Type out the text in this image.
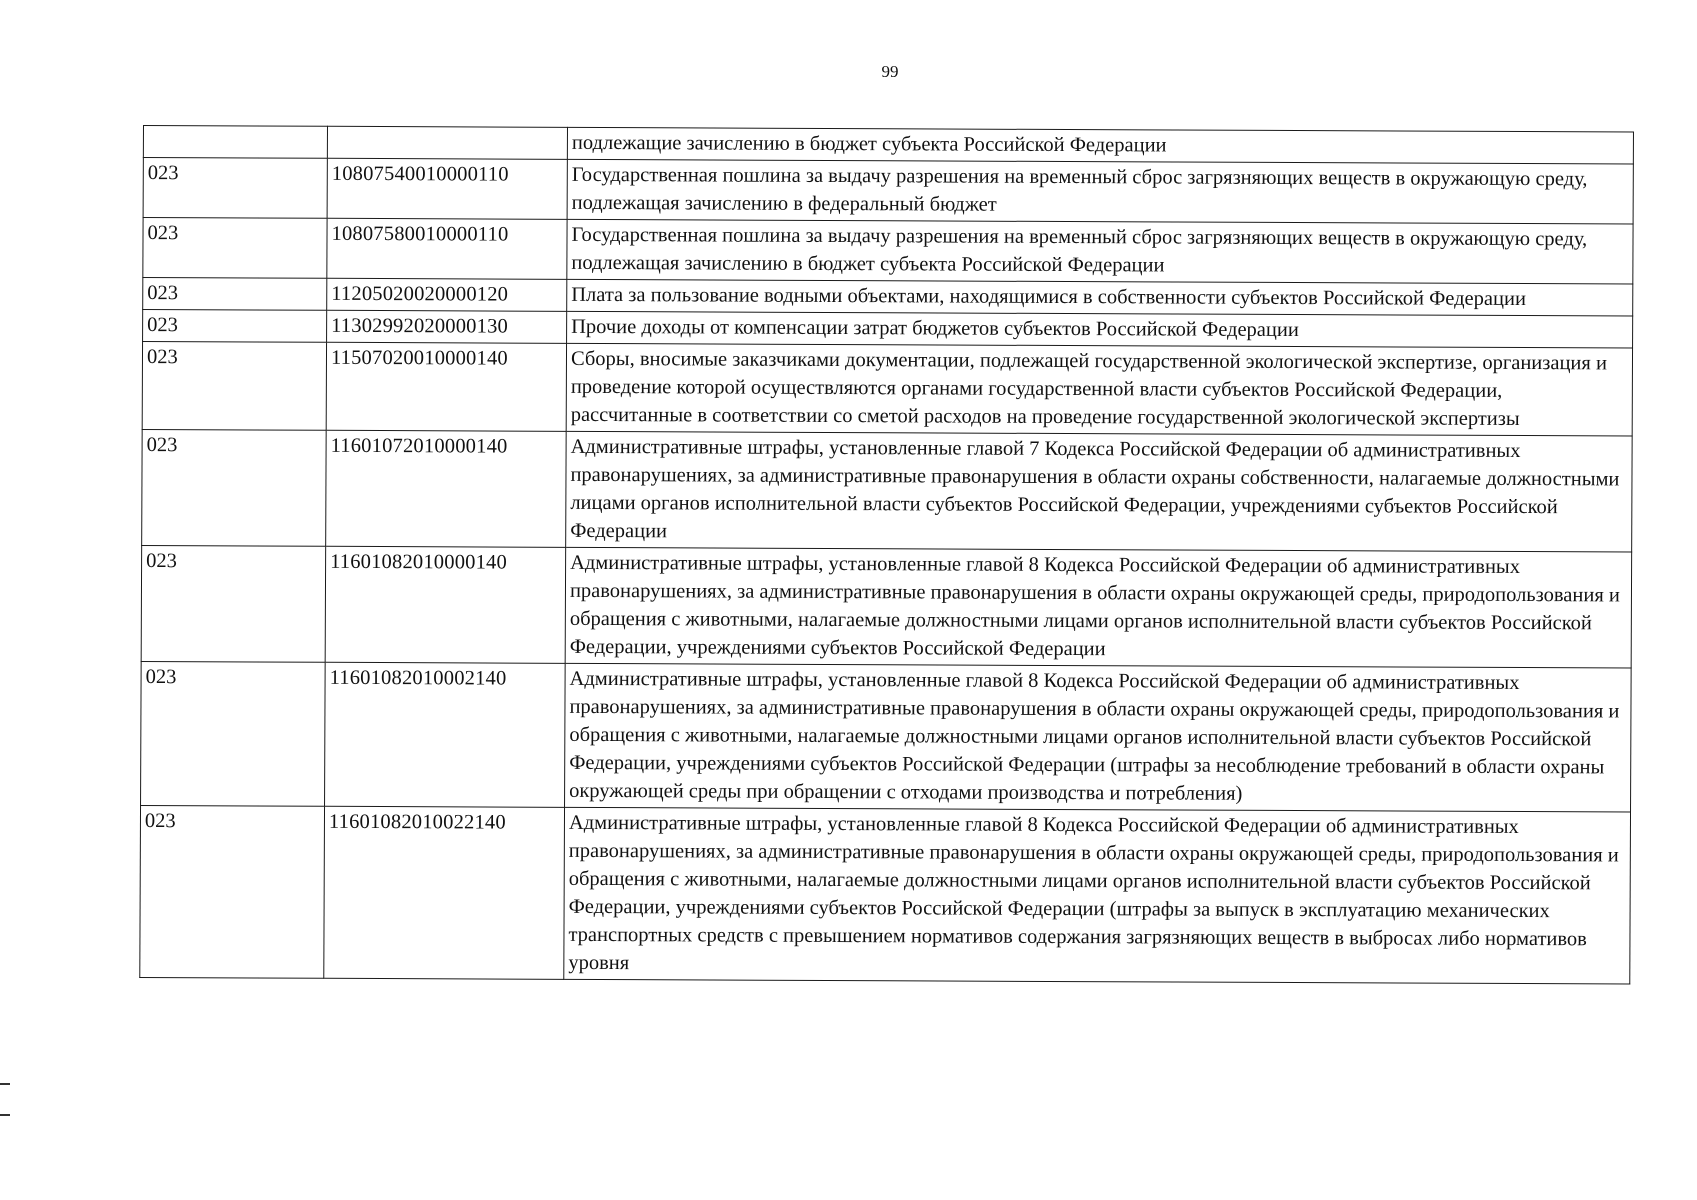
99
		подлежащие зачислению в бюджет субъекта Российской Федерации
023	10807540010000110	Государственная пошлина за выдачу разрешения на временный сброс загрязняющих веществ в окружающую среду, подлежащая зачислению в федеральный бюджет
023	10807580010000110	Государственная пошлина за выдачу разрешения на временный сброс загрязняющих веществ в окружающую среду, подлежащая зачислению в бюджет субъекта Российской Федерации
023	11205020020000120	Плата за пользование водными объектами, находящимися в собственности субъектов Российской Федерации
023	11302992020000130	Прочие доходы от компенсации затрат бюджетов субъектов Российской Федерации
023	11507020010000140	Сборы, вносимые заказчиками документации, подлежащей государственной экологической экспертизе, организация и проведение которой осуществляются органами государственной власти субъектов Российской Федерации, рассчитанные в соответствии со сметой расходов на проведение государственной экологической экспертизы
023	11601072010000140	Административные штрафы, установленные главой 7 Кодекса Российской Федерации об административных правонарушениях, за административные правонарушения в области охраны собственности, налагаемые должностными лицами органов исполнительной власти субъектов Российской Федерации, учреждениями субъектов Российской Федерации
023	11601082010000140	Административные штрафы, установленные главой 8 Кодекса Российской Федерации об административных правонарушениях, за административные правонарушения в области охраны окружающей среды, природопользования и обращения с животными, налагаемые должностными лицами органов исполнительной власти субъектов Российской Федерации, учреждениями субъектов Российской Федерации
023	11601082010002140	Административные штрафы, установленные главой 8 Кодекса Российской Федерации об административных правонарушениях, за административные правонарушения в области охраны окружающей среды, природопользования и обращения с животными, налагаемые должностными лицами органов исполнительной власти субъектов Российской Федерации, учреждениями субъектов Российской Федерации (штрафы за несоблюдение требований в области охраны окружающей среды при обращении с отходами производства и потребления)
023	11601082010022140	Административные штрафы, установленные главой 8 Кодекса Российской Федерации об административных правонарушениях, за административные правонарушения в области охраны окружающей среды, природопользования и обращения с животными, налагаемые должностными лицами органов исполнительной власти субъектов Российской Федерации, учреждениями субъектов Российской Федерации (штрафы за выпуск в эксплуатацию механических транспортных средств с превышением нормативов содержания загрязняющих веществ в выбросах либо нормативов уровня
